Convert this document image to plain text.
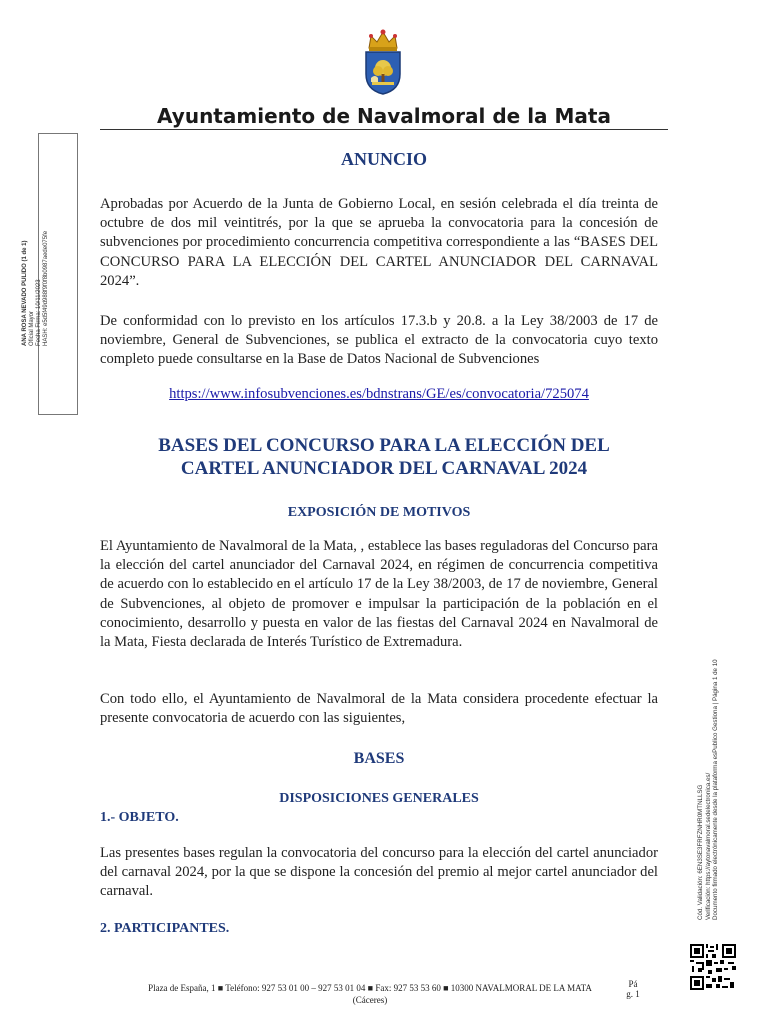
Ayuntamiento de Navalmoral de la Mata
ANA ROSA NEVADO PULIDO (1 de 1) Oficial Mayor Fecha Firma: 10/11/2023 HASH: e5d5f49d988f9f0f8b0987aede075fe
ANUNCIO
Aprobadas por Acuerdo de la Junta de Gobierno Local, en sesión celebrada el día treinta de octubre de dos mil veintitrés, por la que se aprueba la convocatoria para la concesión de subvenciones por procedimiento concurrencia competitiva correspondiente a las “BASES DEL CONCURSO PARA LA ELECCIÓN DEL CARTEL ANUNCIADOR DEL CARNAVAL 2024”.
De conformidad con lo previsto en los artículos 17.3.b y 20.8. a la Ley 38/2003 de 17 de noviembre, General de Subvenciones, se publica el extracto de la convocatoria cuyo texto completo puede consultarse en la Base de Datos Nacional de Subvenciones
https://www.infosubvenciones.es/bdnstrans/GE/es/convocatoria/725074
BASES DEL CONCURSO PARA LA ELECCIÓN DEL
CARTEL ANUNCIADOR DEL CARNAVAL 2024
EXPOSICIÓN DE MOTIVOS
El Ayuntamiento de Navalmoral de la Mata, , establece las bases reguladoras del Concurso para la elección del cartel anunciador del Carnaval 2024, en régimen de concurrencia competitiva de acuerdo con lo establecido en el artículo 17 de la Ley 38/2003, de 17 de noviembre, General de Subvenciones, al objeto de promover e impulsar la participación de la población en el conocimiento, desarrollo y puesta en valor de las fiestas del Carnaval 2024 en Navalmoral de la Mata, Fiesta declarada de Interés Turístico de Extremadura.
Con todo ello, el Ayuntamiento de Navalmoral de la Mata considera procedente efectuar la presente convocatoria de acuerdo con las siguientes,
BASES
DISPOSICIONES GENERALES
1.- OBJETO.
Las presentes bases regulan la convocatoria del concurso para la elección del cartel anunciador del carnaval 2024, por la que se dispone la concesión del premio al mejor cartel anunciador del carnaval.
2. PARTICIPANTES.
Cód. Validación: 6EN3SE3FRFZNHR0MTNLLSG Verificación: https://aytonavalmoral.sedelectronica.es/ Documento firmado electrónicamente desde la plataforma esPublico Gestiona | Página 1 de 10
Plaza de España, 1 ■ Teléfono: 927 53 01 00 – 927 53 01 04 ■ Fax: 927 53 53 60 ■ 10300 NAVALMORAL DE LA MATA
(Cáceres)
Pá g. 1
